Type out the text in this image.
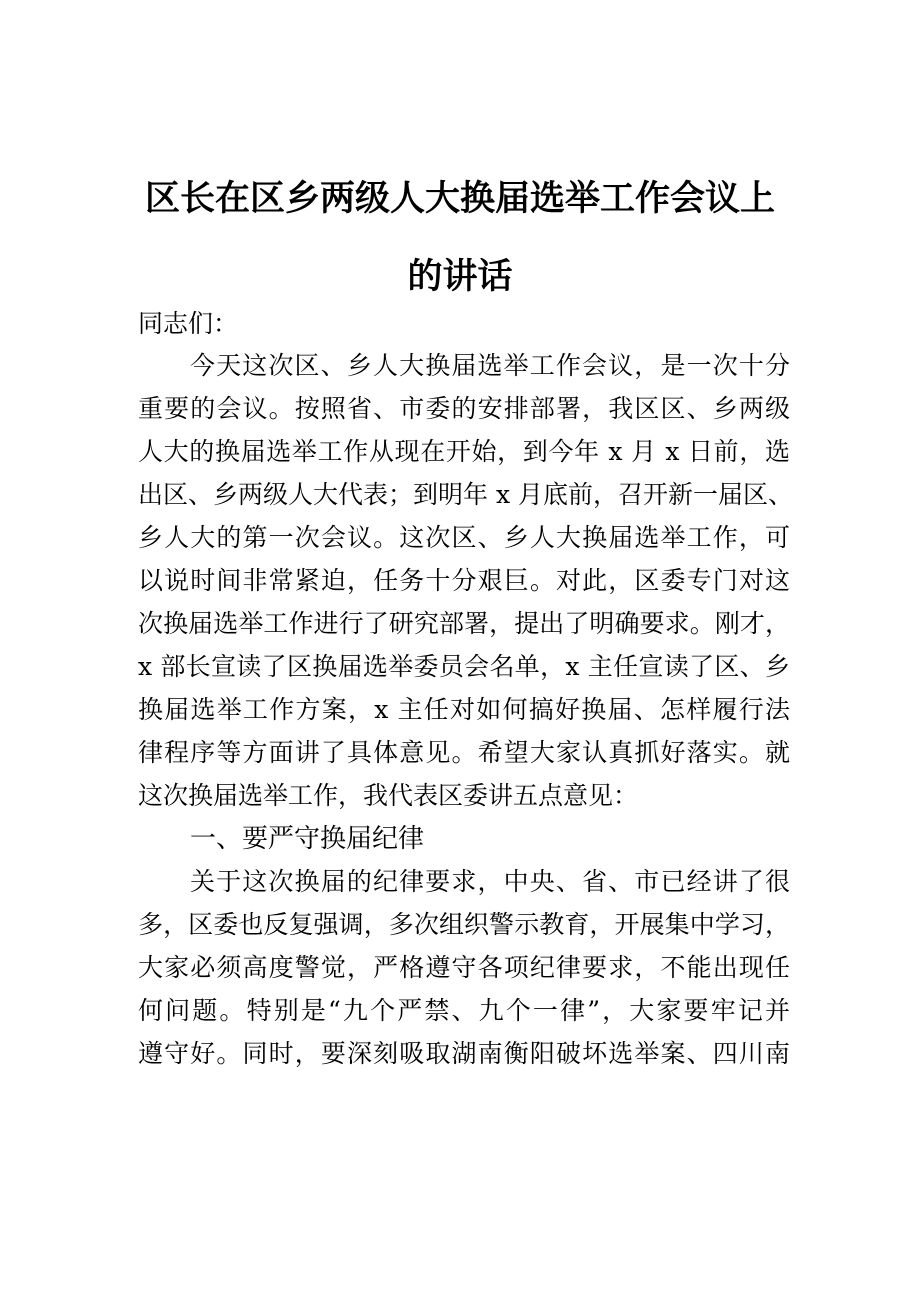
区长在区乡两级人大换届选举工作会议上
的讲话
同志们：
今天这次区、乡人大换届选举工作会议，是一次十分
重要的会议。按照省、市委的安排部署，我区区、乡两级
人大的换届选举工作从现在开始，到今年 x 月 x 日前，选
出区、乡两级人大代表；到明年 x 月底前，召开新一届区、
乡人大的第一次会议。这次区、乡人大换届选举工作，可
以说时间非常紧迫，任务十分艰巨。对此，区委专门对这
次换届选举工作进行了研究部署，提出了明确要求。刚才，
x 部长宣读了区换届选举委员会名单，x 主任宣读了区、乡
换届选举工作方案，x 主任对如何搞好换届、怎样履行法
律程序等方面讲了具体意见。希望大家认真抓好落实。就
这次换届选举工作，我代表区委讲五点意见：
一、要严守换届纪律
关于这次换届的纪律要求，中央、省、市已经讲了很
多，区委也反复强调，多次组织警示教育，开展集中学习，
大家必须高度警觉，严格遵守各项纪律要求，不能出现任
何问题。特别是“九个严禁、九个一律”，大家要牢记并
遵守好。同时，要深刻吸取湖南衡阳破坏选举案、四川南
